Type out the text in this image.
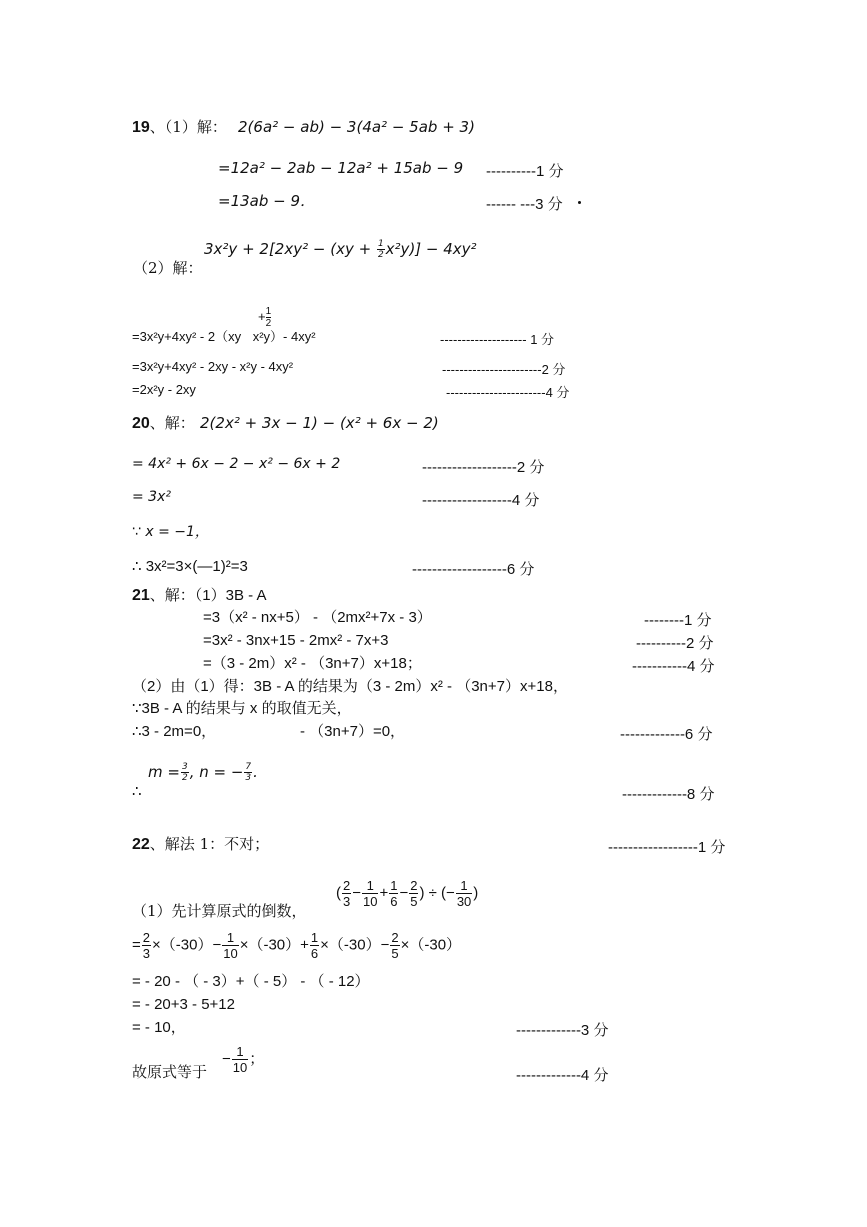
19、（1）解： 2(6a² − ab) − 3(4a² − 5ab + 3)
=12a² − 2ab − 12a² + 15ab − 9 ----------1 分
=13ab − 9．	------ ---3 分
$3x^2y + 2[2xy^2 - (xy + \frac{1}{2} x^2y)] - 4xy^2$
（2）解：
+ $\frac{1}{2}$
=3x²y+4xy² - 2（xy x²y）- 4xy²	-------------------- 1 分
=3x²y+4xy² - 2xy - x²y - 4xy²	-----------------------2 分
=2x²y - 2xy	-----------------------4 分
20、解： 2(2x² + 3x − 1) − (x² + 6x − 2)
= 4x² + 6x − 2 − x² − 6x + 2	-------------------2 分
= 3x²	------------------4 分
∵ x = −1，
∴ 3x²=3×(—1)²=3	-------------------6 分
21、解：（1）3B - A
=3（x² - nx+5） - （2mx²+7x - 3）	--------1 分
=3x² - 3nx+15 - 2mx² - 7x+3	----------2 分
=（3 - 2m）x² - （3n+7）x+18；	-----------4 分
（2）由（1）得：3B - A 的结果为（3 - 2m）x² - （3n+7）x+18，
∵3B - A 的结果与 x 的取值无关，
∴3 - 2m=0，	- （3n+7）=0，	-------------6 分
∴
$m = \frac{3}{2}$ , n = − $\frac{7}{3}$ .
-------------8 分
22、解法 1：不对；	------------------1 分
（1）先计算原式的倒数，
( $\frac{2}{3} - \frac{1}{10} + \frac{1}{6} - \frac{2}{5}$ ) ÷ (− $\frac{1}{30}$ )
= $\frac{2}{3} \times(-30)- \frac{1}{10} \times(-30)+ \frac{1}{6} \times(-30)- \frac{2}{5} \times(-30)$
= - 20 - （ - 3）+（ - 5） - （ - 12）
= - 20+3 - 5+12
= - 10，	-------------3 分
故原式等于
− $\frac{1}{10}$ ；
-------------4 分
